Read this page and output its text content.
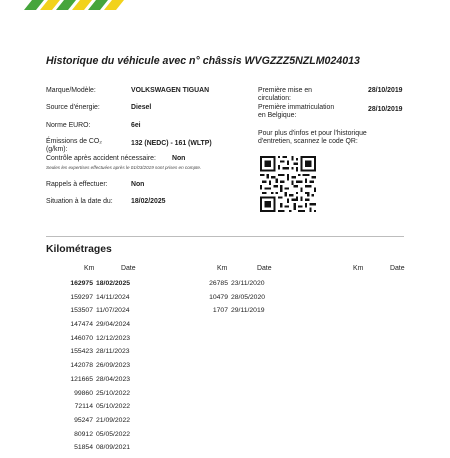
Historique du véhicule avec n° châssis WVGZZZ5NZLM024013
Marque/Modèle:	VOLKSWAGEN TIGUAN
Source d'énergie:	Diesel
Norme EURO:	6ei
Émissions de CO₂
(g/km):
132 (NEDC) - 161 (WLTP)
Contrôle après accident nécessaire: Non
Seules les expertises effectuées après le 01/03/2019 sont prises en compte.
Rappels à effectuer:	Non
Situation à la date du:	18/02/2025
Première mise en
circulation:
28/10/2019
Première immatriculation
en Belgique:
28/10/2019
Pour plus d'infos et pour l'historique
d'entretien, scannez le code QR:
Kilométrages
Km	Date	Km	Date	Km	Date
162975 18/02/2025
159297 14/11/2024
153507 11/07/2024
147474 29/04/2024
146070 12/12/2023
155423 28/11/2023
142078 26/09/2023
121665 28/04/2023
99860 25/10/2022
72114 05/10/2022
95247 21/09/2022
80912 05/05/2022
51854 08/09/2021
26785 23/11/2020
10479 28/05/2020
1707 29/11/2019
